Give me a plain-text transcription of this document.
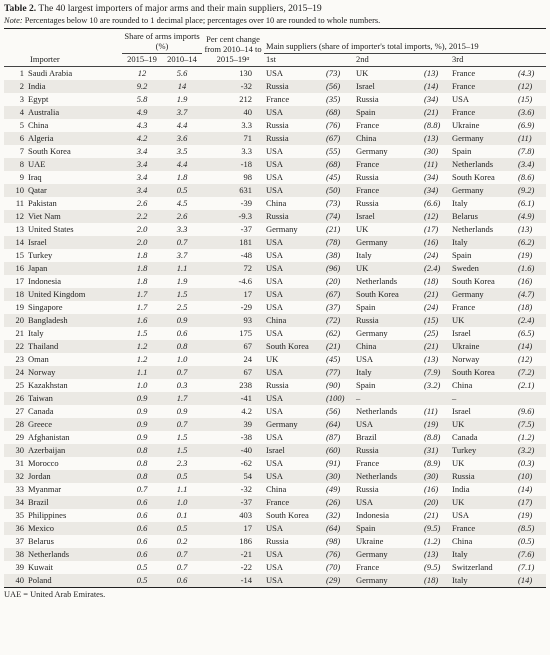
Table 2. The 40 largest importers of major arms and their main suppliers, 2015–19
Note: Percentages below 10 are rounded to 1 decimal place; percentages over 10 are rounded to whole numbers.
Importer		Share of arms imports (%)		Per cent change from 2010–14 to 2015–19$^a$	Main suppliers (share of importer's total imports, %), 2015–19					
		2015–19	2010–14		1st		2nd		3rd	
1	Saudi Arabia	12	5.6	130	USA	(73)	UK	(13)	France	(4.3)
2	India	9.2	14	-32	Russia	(56)	Israel	(14)	France	(12)
3	Egypt	5.8	1.9	212	France	(35)	Russia	(34)	USA	(15)
4	Australia	4.9	3.7	40	USA	(68)	Spain	(21)	France	(3.6)
5	China	4.3	4.4	3.3	Russia	(76)	France	(8.8)	Ukraine	(6.9)
6	Algeria	4.2	3.6	71	Russia	(67)	China	(13)	Germany	(11)
7	South Korea	3.4	3.5	3.3	USA	(55)	Germany	(30)	Spain	(7.8)
8	UAE	3.4	4.4	-18	USA	(68)	France	(11)	Netherlands	(3.4)
9	Iraq	3.4	1.8	98	USA	(45)	Russia	(34)	South Korea	(8.6)
10	Qatar	3.4	0.5	631	USA	(50)	France	(34)	Germany	(9.2)
11	Pakistan	2.6	4.5	-39	China	(73)	Russia	(6.6)	Italy	(6.1)
12	Viet Nam	2.2	2.6	-9.3	Russia	(74)	Israel	(12)	Belarus	(4.9)
13	United States	2.0	3.3	-37	Germany	(21)	UK	(17)	Netherlands	(13)
14	Israel	2.0	0.7	181	USA	(78)	Germany	(16)	Italy	(6.2)
15	Turkey	1.8	3.7	-48	USA	(38)	Italy	(24)	Spain	(19)
16	Japan	1.8	1.1	72	USA	(96)	UK	(2.4)	Sweden	(1.6)
17	Indonesia	1.8	1.9	-4.6	USA	(20)	Netherlands	(18)	South Korea	(16)
18	United Kingdom	1.7	1.5	17	USA	(67)	South Korea	(21)	Germany	(4.7)
19	Singapore	1.7	2.5	-29	USA	(37)	Spain	(24)	France	(18)
20	Bangladesh	1.6	0.9	93	China	(72)	Russia	(15)	UK	(2.4)
21	Italy	1.5	0.6	175	USA	(62)	Germany	(25)	Israel	(6.5)
22	Thailand	1.2	0.8	67	South Korea	(21)	China	(21)	Ukraine	(14)
23	Oman	1.2	1.0	24	UK	(45)	USA	(13)	Norway	(12)
24	Norway	1.1	0.7	67	USA	(77)	Italy	(7.9)	South Korea	(7.2)
25	Kazakhstan	1.0	0.3	238	Russia	(90)	Spain	(3.2)	China	(2.1)
26	Taiwan	0.9	1.7	-41	USA	(100)	–		–	
27	Canada	0.9	0.9	4.2	USA	(56)	Netherlands	(11)	Israel	(9.6)
28	Greece	0.9	0.7	39	Germany	(64)	USA	(19)	UK	(7.5)
29	Afghanistan	0.9	1.5	-38	USA	(87)	Brazil	(8.8)	Canada	(1.2)
30	Azerbaijan	0.8	1.5	-40	Israel	(60)	Russia	(31)	Turkey	(3.2)
31	Morocco	0.8	2.3	-62	USA	(91)	France	(8.9)	UK	(0.3)
32	Jordan	0.8	0.5	54	USA	(30)	Netherlands	(30)	Russia	(10)
33	Myanmar	0.7	1.1	-32	China	(49)	Russia	(16)	India	(14)
34	Brazil	0.6	1.0	-37	France	(26)	USA	(20)	UK	(17)
35	Philippines	0.6	0.1	403	South Korea	(32)	Indonesia	(21)	USA	(19)
36	Mexico	0.6	0.5	17	USA	(64)	Spain	(9.5)	France	(8.5)
37	Belarus	0.6	0.2	186	Russia	(98)	Ukraine	(1.2)	China	(0.5)
38	Netherlands	0.6	0.7	-21	USA	(76)	Germany	(13)	Italy	(7.6)
39	Kuwait	0.5	0.7	-22	USA	(70)	France	(9.5)	Switzerland	(7.1)
40	Poland	0.5	0.6	-14	USA	(29)	Germany	(18)	Italy	(14)
UAE = United Arab Emirates.
